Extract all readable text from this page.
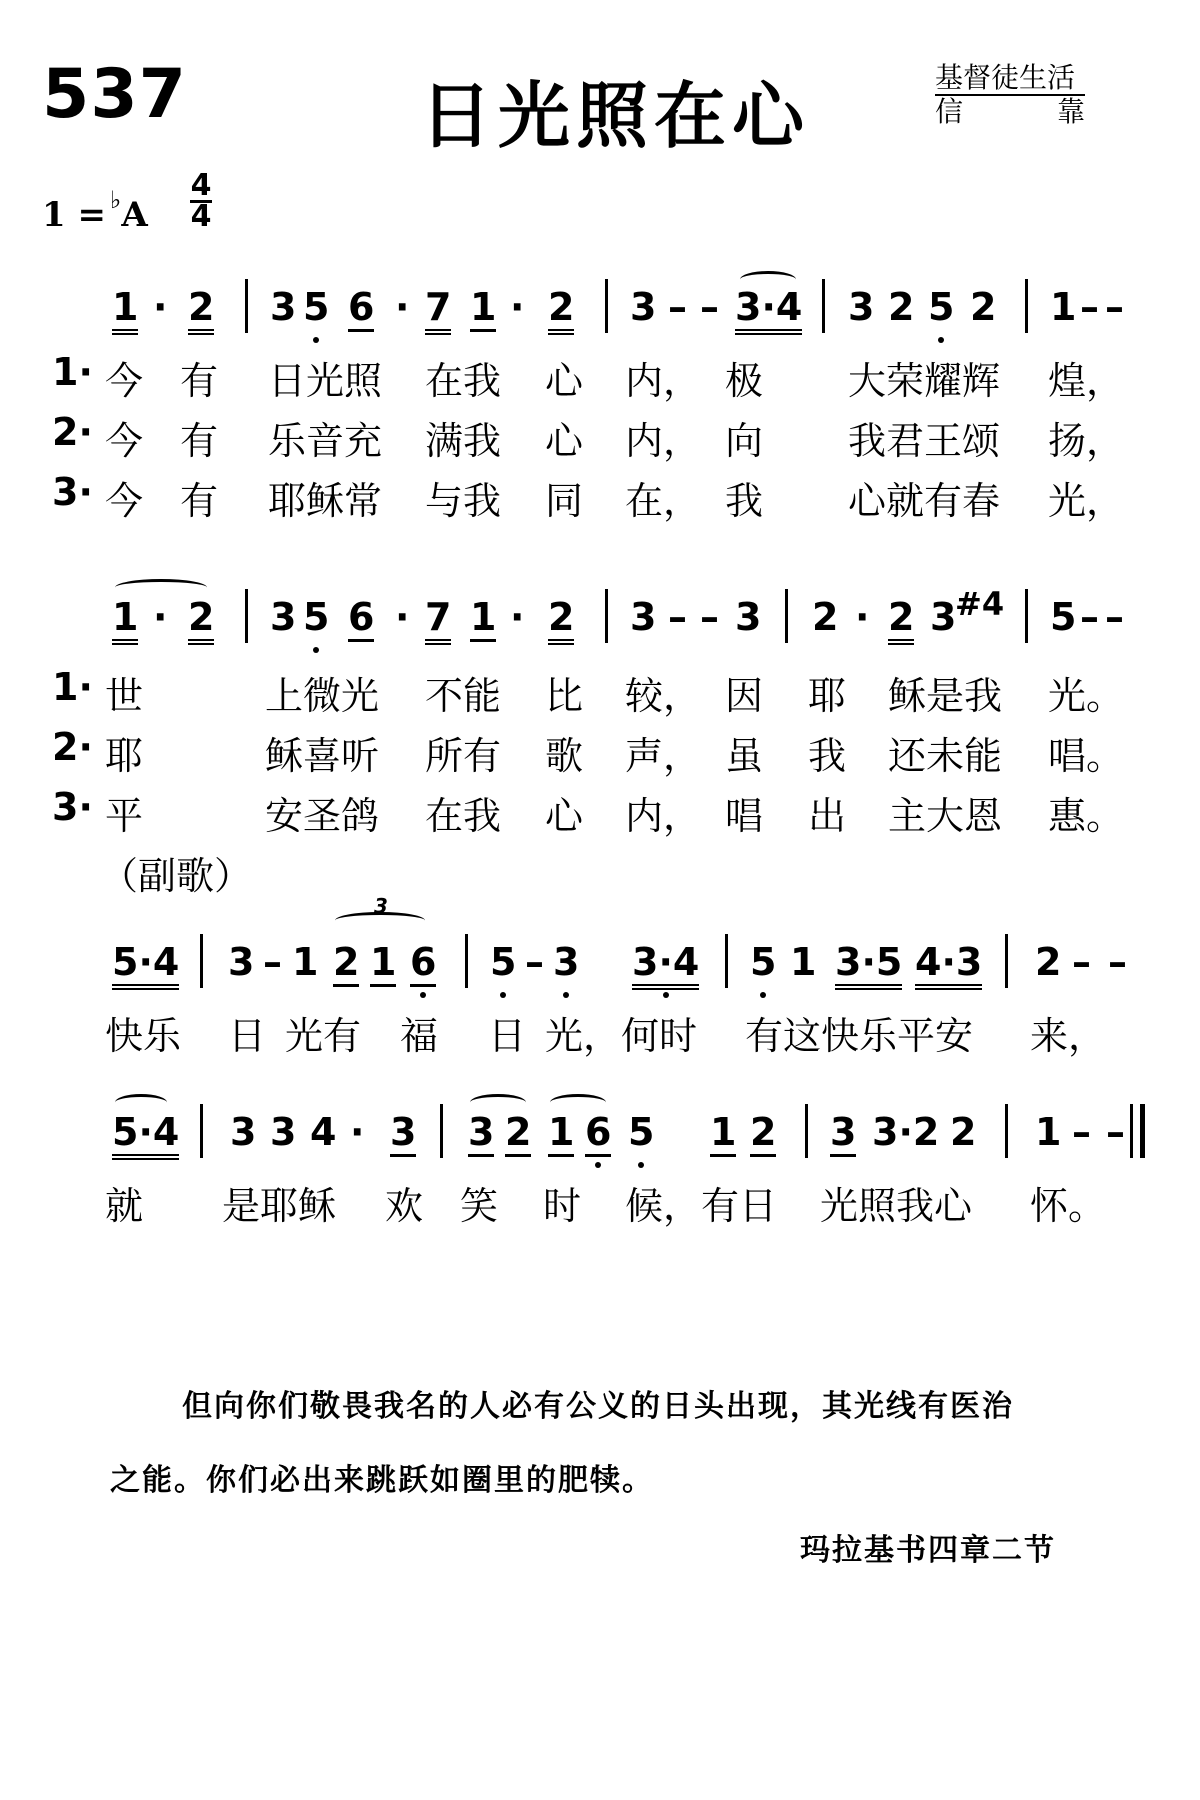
537	日光照在心	基督徒生活
信	靠
1 = ♭A
4
4
1 · 2 3 5 6 · 7 1 · 2 3 – – 3·4 3 2 5 2 1 – –
1· 今 有 日光照 在我 心 内， 极 大荣耀辉 煌，
2· 今 有 乐音充 满我 心 内， 向 我君王颂 扬，
3· 今 有 耶稣常 与我 同 在， 我 心就有春 光，
1 · 2 3 5 6 · 7 1 · 2 3 – – 3 2 · 2 3
#4 5 – –
1· 世	上微光 不能 比 较， 因 耶 稣是我 光。
2· 耶	稣喜听 所有 歌 声， 虽 我 还未能 唱。
3· 平	安圣鸽 在我 心 内， 唱 出 主大恩 惠。
（副歌）
5·4 3 – 1
3
2 1 6 5 – 3 3·4 5 1 3·5 4·3 2 – –
快乐 日 光有 福 日 光，何时 有这快乐平安 来，
5·4 3 3 4 · 3 3 2 1 6 5 1 2 3 3·2 2 1 – –
就 是耶稣 欢 笑 时 候，有日 光照我心 怀。
但向你们敬畏我名的人必有公义的日头出现，其光线有医治
之能。你们必出来跳跃如圈里的肥犊。
玛拉基书四章二节
